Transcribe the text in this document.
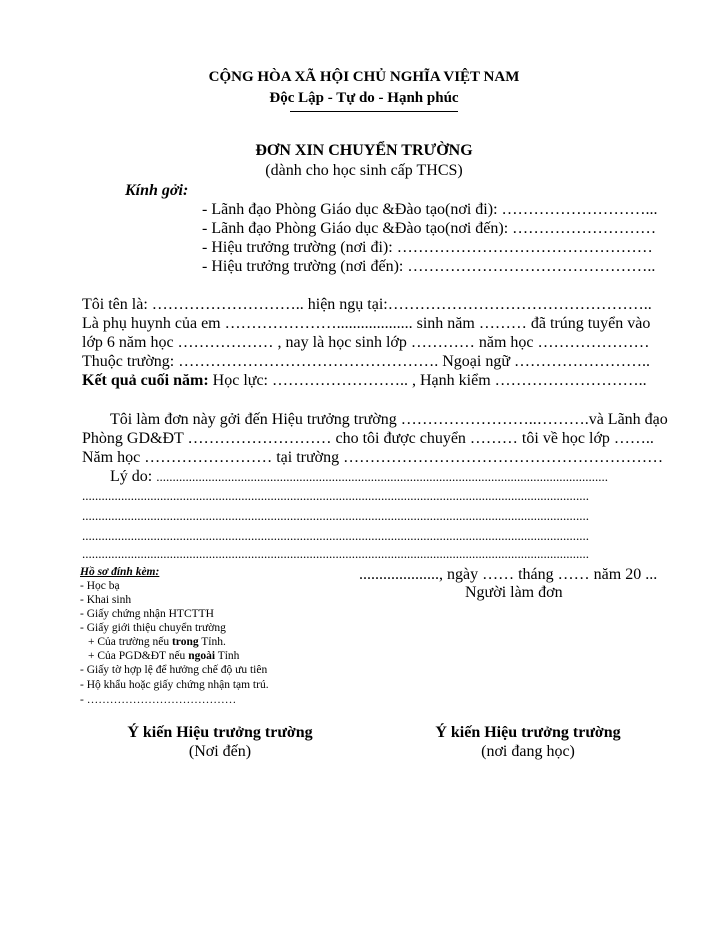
CỘNG HÒA XÃ HỘI CHỦ NGHĨA VIỆT NAM
Độc Lập - Tự do - Hạnh phúc
ĐƠN XIN CHUYỂN TRƯỜNG
(dành cho học sinh cấp THCS)
Kính gởi:
- Lãnh đạo Phòng Giáo dục &Đào tạo(nơi đi): ………………………...
- Lãnh đạo Phòng Giáo dục &Đào tạo(nơi đến): ………………………
- Hiệu trưởng trường (nơi đi): …………………………………………
- Hiệu trưởng trường (nơi đến): ………………………………………..
Tôi tên là: ……………………….. hiện ngụ tại:…………………………………………..
Là phụ huynh của em …………………................... sinh năm ……… đã trúng tuyển vào
lớp 6 năm học ……………… , nay là học sinh lớp ………… năm học …………………
Thuộc trường: …………………………………………. Ngoại ngữ ……………………..
Kết quả cuối năm: Học lực: …………………….. , Hạnh kiểm ………………………..
Tôi làm đơn này gởi đến Hiệu trưởng trường ……………………..……….và Lãnh đạo
Phòng GD&ĐT ……………………… cho tôi được chuyển ……… tôi về học lớp ……..
Năm học …………………… tại trường ……………………………………………………
Lý do: ...........................................................................................................................................
............................................................................................................................................................
............................................................................................................................................................
............................................................................................................................................................
............................................................................................................................................................
Hồ sơ đính kèm:
- Học bạ
- Khai sinh
- Giấy chứng nhận HTCTTH
- Giấy giới thiệu chuyển trường
+ Của trường nếu trong Tỉnh.
+ Của PGD&ĐT nếu ngoài Tỉnh
- Giấy tờ hợp lệ để hưởng chế độ ưu tiên
- Hộ khẩu hoặc giấy chứng nhận tạm trú.
- …………………………………
...................., ngày …… tháng …… năm 20 ...
Người làm đơn
Ý kiến Hiệu trưởng trường
(Nơi đến)
Ý kiến Hiệu trưởng trường
(nơi đang học)
